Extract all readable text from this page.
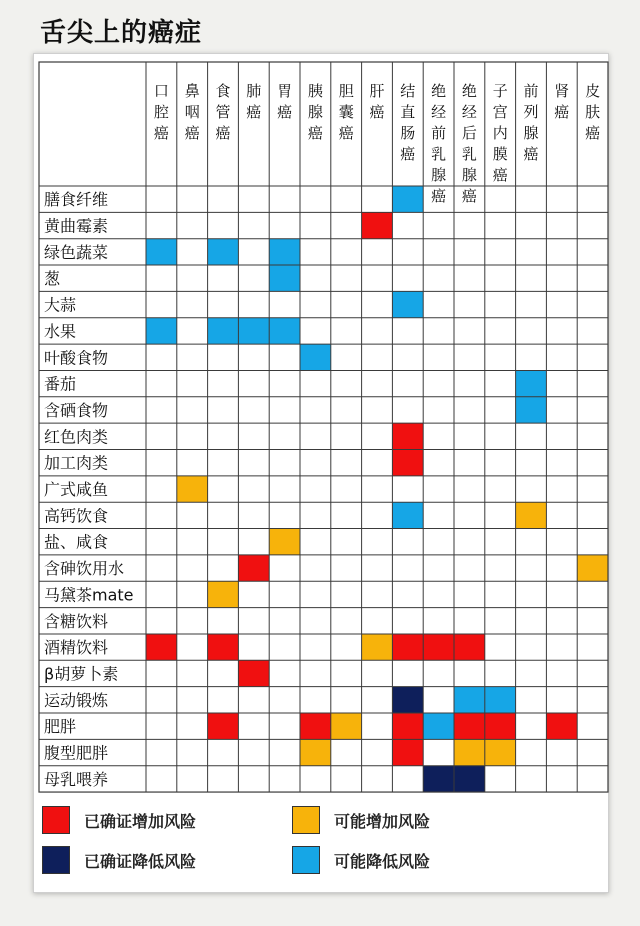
舌尖上的癌症
口
腔
癌
鼻
咽
癌
食
管
癌
肺
癌
胃
癌
胰
腺
癌
胆
囊
癌
肝
癌
结
直
肠
癌
绝
经
前
乳
腺
癌
绝
经
后
乳
腺
癌
子
宫
内
膜
癌
前
列
腺
癌
肾
癌
皮
肤
癌
膳食纤维
黄曲霉素
绿色蔬菜
葱
大蒜
水果
叶酸食物
番茄
含硒食物
红色肉类
加工肉类
广式咸鱼
高钙饮食
盐、咸食
含砷饮用水
马黛茶mate
含糖饮料
酒精饮料
β胡萝卜素
运动锻炼
肥胖
腹型肥胖
母乳喂养
已确证增加风险	可能增加风险
已确证降低风险	可能降低风险
